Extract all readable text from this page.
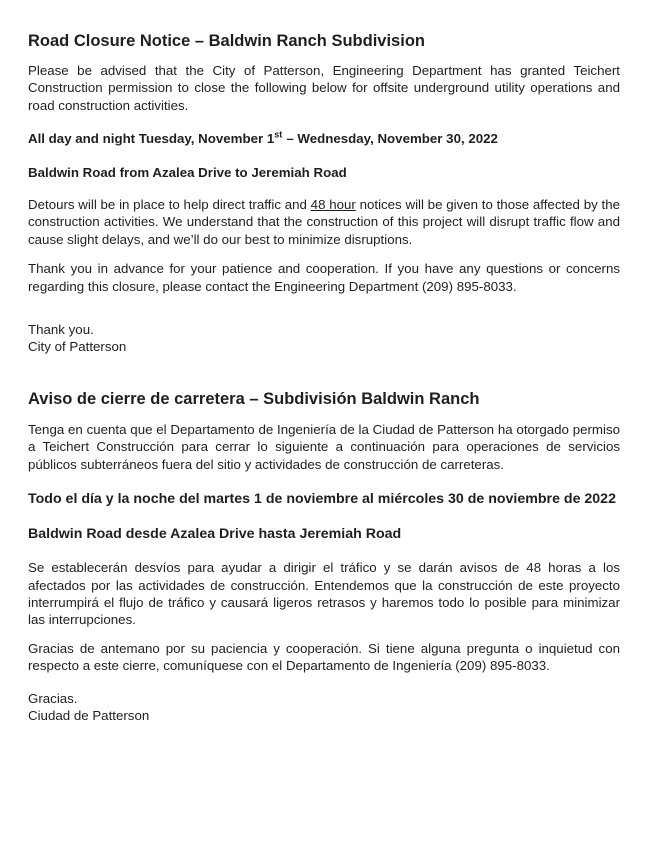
Road Closure Notice – Baldwin Ranch Subdivision

Please be advised that the City of Patterson, Engineering Department has granted Teichert Construction permission to close the following below for offsite underground utility operations and road construction activities.

All day and night Tuesday, November 1st – Wednesday, November 30, 2022

Baldwin Road from Azalea Drive to Jeremiah Road

Detours will be in place to help direct traffic and 48 hour notices will be given to those affected by the construction activities. We understand that the construction of this project will disrupt traffic flow and cause slight delays, and we’ll do our best to minimize disruptions.

Thank you in advance for your patience and cooperation. If you have any questions or concerns regarding this closure, please contact the Engineering Department (209) 895-8033.

Thank you.

City of Patterson

Aviso de cierre de carretera – Subdivisión Baldwin Ranch

Tenga en cuenta que el Departamento de Ingeniería de la Ciudad de Patterson ha otorgado permiso a Teichert Construcción para cerrar lo siguiente a continuación para operaciones de servicios públicos subterráneos fuera del sitio y actividades de construcción de carreteras.

Todo el día y la noche del martes 1 de noviembre al miércoles 30 de noviembre de 2022

Baldwin Road desde Azalea Drive hasta Jeremiah Road

Se establecerán desvíos para ayudar a dirigir el tráfico y se darán avisos de 48 horas a los afectados por las actividades de construcción. Entendemos que la construcción de este proyecto interrumpirá el flujo de tráfico y causará ligeros retrasos y haremos todo lo posible para minimizar las interrupciones.

Gracias de antemano por su paciencia y cooperación. Si tiene alguna pregunta o inquietud con respecto a este cierre, comuníquese con el Departamento de Ingeniería (209) 895-8033.

Gracias.

Ciudad de Patterson
